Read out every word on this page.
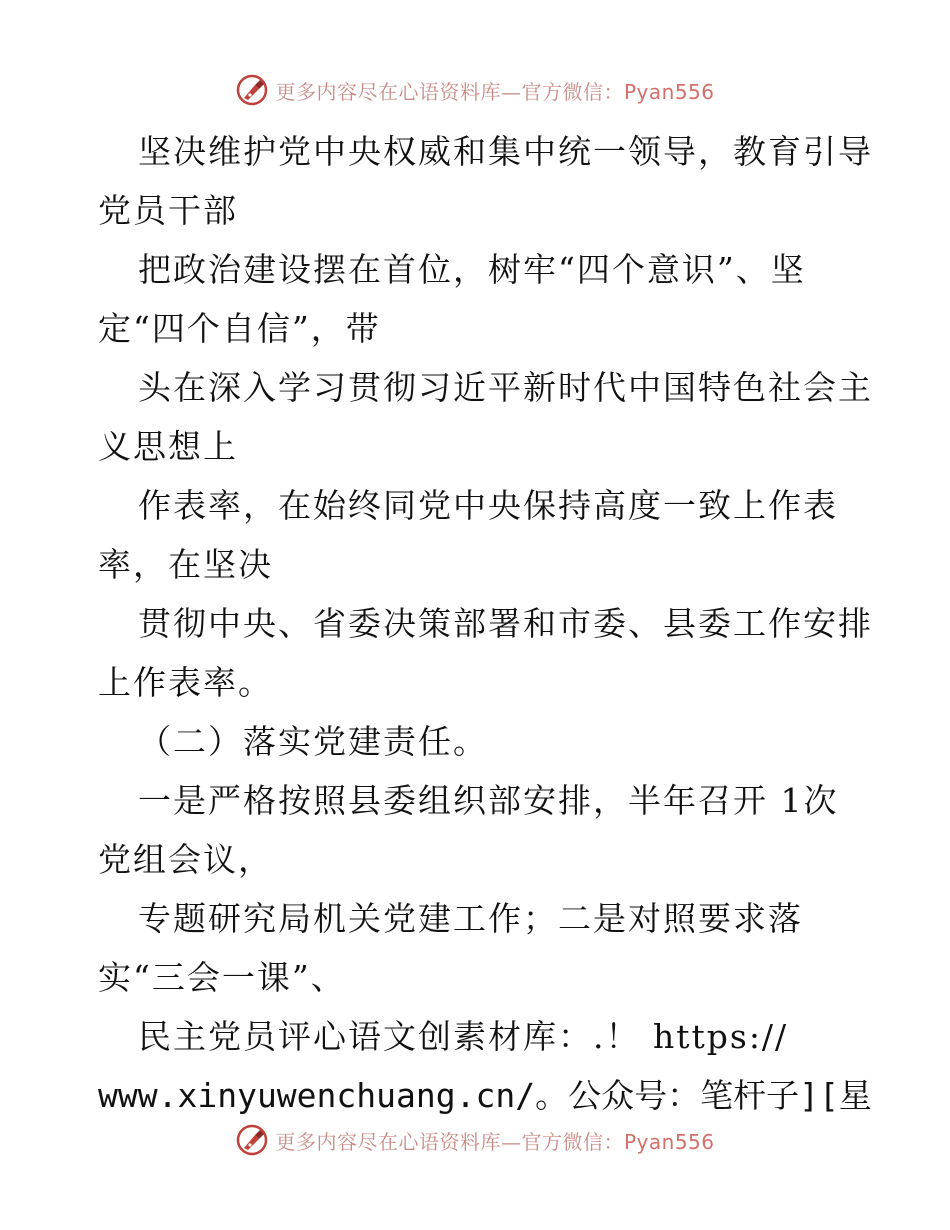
更多内容尽在心语资料库—官方微信：Pyan556
坚决维护党中央权威和集中统一领导，教育引导
党员干部
把政治建设摆在首位，树牢“四个意识”、坚
定“四个自信”，带
头在深入学习贯彻习近平新时代中国特色社会主
义思想上
作表率，在始终同党中央保持高度一致上作表
率，在坚决
贯彻中央、省委决策部署和市委、县委工作安排
上作表率。
（二）落实党建责任。
一是严格按照县委组织部安排，半年召开 1次
党组会议，
专题研究局机关党建工作；二是对照要求落
实“三会一课”、
民主党员评心语文创素材库：.！ https://
www.xinyuwenchuang.cn/。公众号：笔杆子][星
更多内容尽在心语资料库—官方微信：Pyan556
